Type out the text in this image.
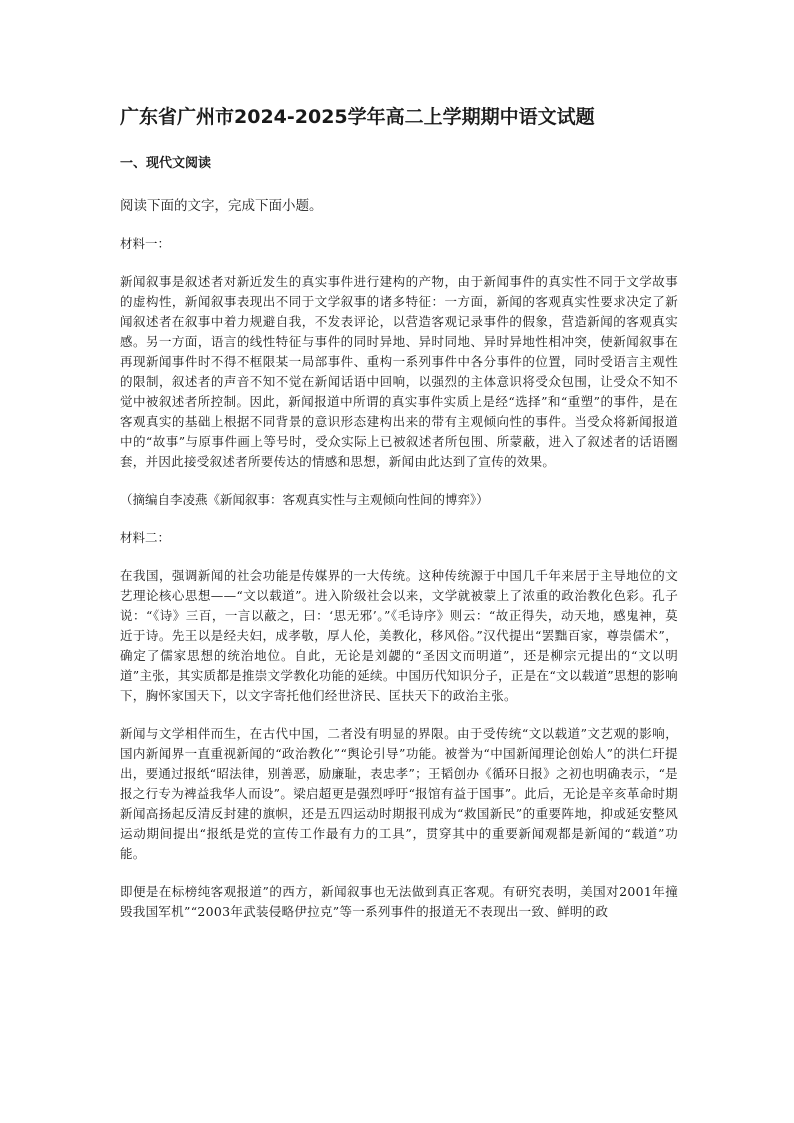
广东省广州市2024-2025学年高二上学期期中语文试题
一、现代文阅读
阅读下面的文字，完成下面小题。
材料一：

新闻叙事是叙述者对新近发生的真实事件进行建构的产物，由于新闻事件的真实性不同于文学故事的虚构性，新闻叙事表现出不同于文学叙事的诸多特征：一方面，新闻的客观真实性要求决定了新闻叙述者在叙事中着力规避自我，不发表评论，以营造客观记录事件的假象，营造新闻的客观真实感。另一方面，语言的线性特征与事件的同时异地、异时同地、异时异地性相冲突，使新闻叙事在再现新闻事件时不得不框限某一局部事件、重构一系列事件中各分事件的位置，同时受语言主观性的限制，叙述者的声音不知不觉在新闻话语中回响，以强烈的主体意识将受众包围，让受众不知不觉中被叙述者所控制。因此，新闻报道中所谓的真实事件实质上是经“选择”和“重塑”的事件，是在客观真实的基础上根据不同背景的意识形态建构出来的带有主观倾向性的事件。当受众将新闻报道中的“故事”与原事件画上等号时，受众实际上已被叙述者所包围、所蒙蔽，进入了叙述者的话语圈套，并因此接受叙述者所要传达的情感和思想，新闻由此达到了宣传的效果。

（摘编自李凌燕《新闻叙事：客观真实性与主观倾向性间的博弈》）
材料二：

在我国，强调新闻的社会功能是传媒界的一大传统。这种传统源于中国几千年来居于主导地位的文艺理论核心思想——“文以载道”。进入阶级社会以来，文学就被蒙上了浓重的政治教化色彩。孔子说：“《诗》三百，一言以蔽之，曰：‘思无邪’。”《毛诗序》则云：“故正得失，动天地，感鬼神，莫近于诗。先王以是经夫妇，成孝敬，厚人伦，美教化，移风俗。”汉代提出“罢黜百家，尊崇儒术”，确定了儒家思想的统治地位。自此，无论是刘勰的“圣因文而明道”，还是柳宗元提出的“文以明道”主张，其实质都是推崇文学教化功能的延续。中国历代知识分子，正是在“文以载道”思想的影响下，胸怀家国天下，以文字寄托他们经世济民、匡扶天下的政治主张。

新闻与文学相伴而生，在古代中国，二者没有明显的界限。由于受传统“文以载道”文艺观的影响，国内新闻界一直重视新闻的“政治教化”“舆论引导”功能。被誉为“中国新闻理论创始人”的洪仁玕提出，要通过报纸“昭法律，别善恶，励廉耻，表忠孝”；王韬创办《循环日报》之初也明确表示，“是报之行专为裨益我华人而设”。梁启超更是强烈呼吁“报馆有益于国事”。此后，无论是辛亥革命时期新闻高扬起反清反封建的旗帜，还是五四运动时期报刊成为“救国新民”的重要阵地，抑或延安整风运动期间提出“报纸是党的宣传工作最有力的工具”，贯穿其中的重要新闻观都是新闻的“载道”功能。

即便是在标榜纯客观报道”的西方，新闻叙事也无法做到真正客观。有研究表明，美国对2001年撞毁我国军机”“2003年武装侵略伊拉克”等一系列事件的报道无不表现出一致、鲜明的政
